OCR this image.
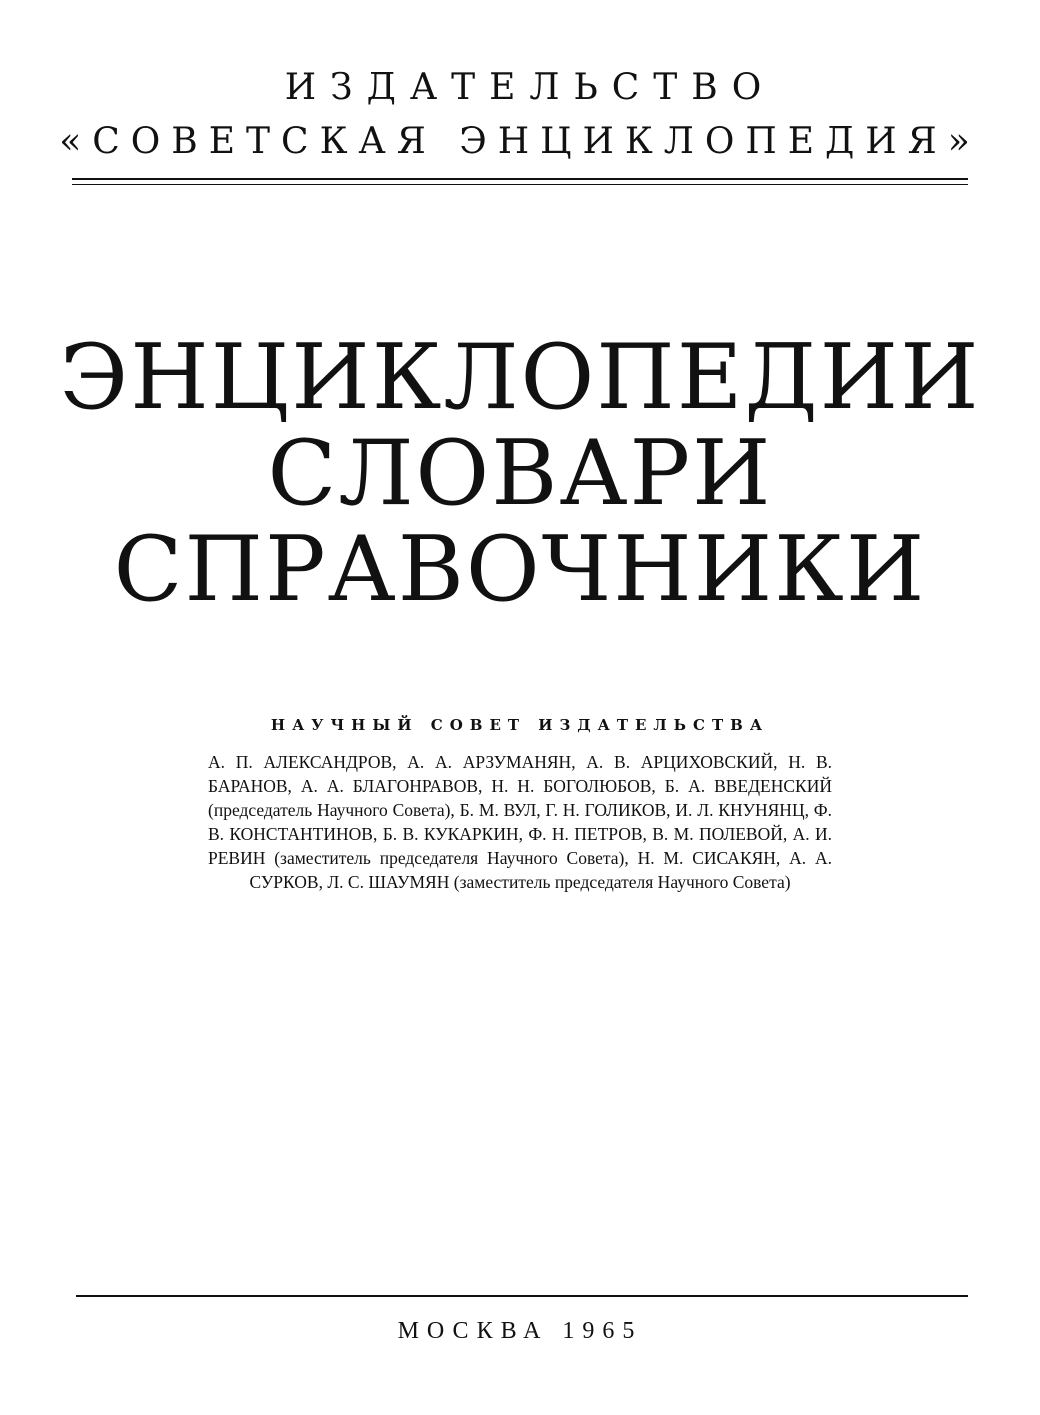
ИЗДАТЕЛЬСТВО
«СОВЕТСКАЯ ЭНЦИКЛОПЕДИЯ»
ЭНЦИКЛОПЕДИИ
СЛОВАРИ
СПРАВОЧНИКИ
НАУЧНЫЙ СОВЕТ ИЗДАТЕЛЬСТВА
А. П. АЛЕКСАНДРОВ, А. А. АРЗУМАНЯН, А. В. АРЦИХОВСКИЙ, Н. В. БАРАНОВ, А. А. БЛАГОНРАВОВ, Н. Н. БОГОЛЮБОВ, Б. А. ВВЕДЕНСКИЙ (председатель Научного Совета), Б. М. ВУЛ, Г. Н. ГОЛИКОВ, И. Л. КНУНЯНЦ, Ф. В. КОНСТАНТИНОВ, Б. В. КУКАРКИН, Ф. Н. ПЕТРОВ, В. М. ПОЛЕВОЙ, А. И. РЕВИН (заместитель председателя Научного Совета), Н. М. СИСАКЯН, А. А. СУРКОВ, Л. С. ШАУМЯН (заместитель председателя Научного Совета)
МОСКВА 1965
